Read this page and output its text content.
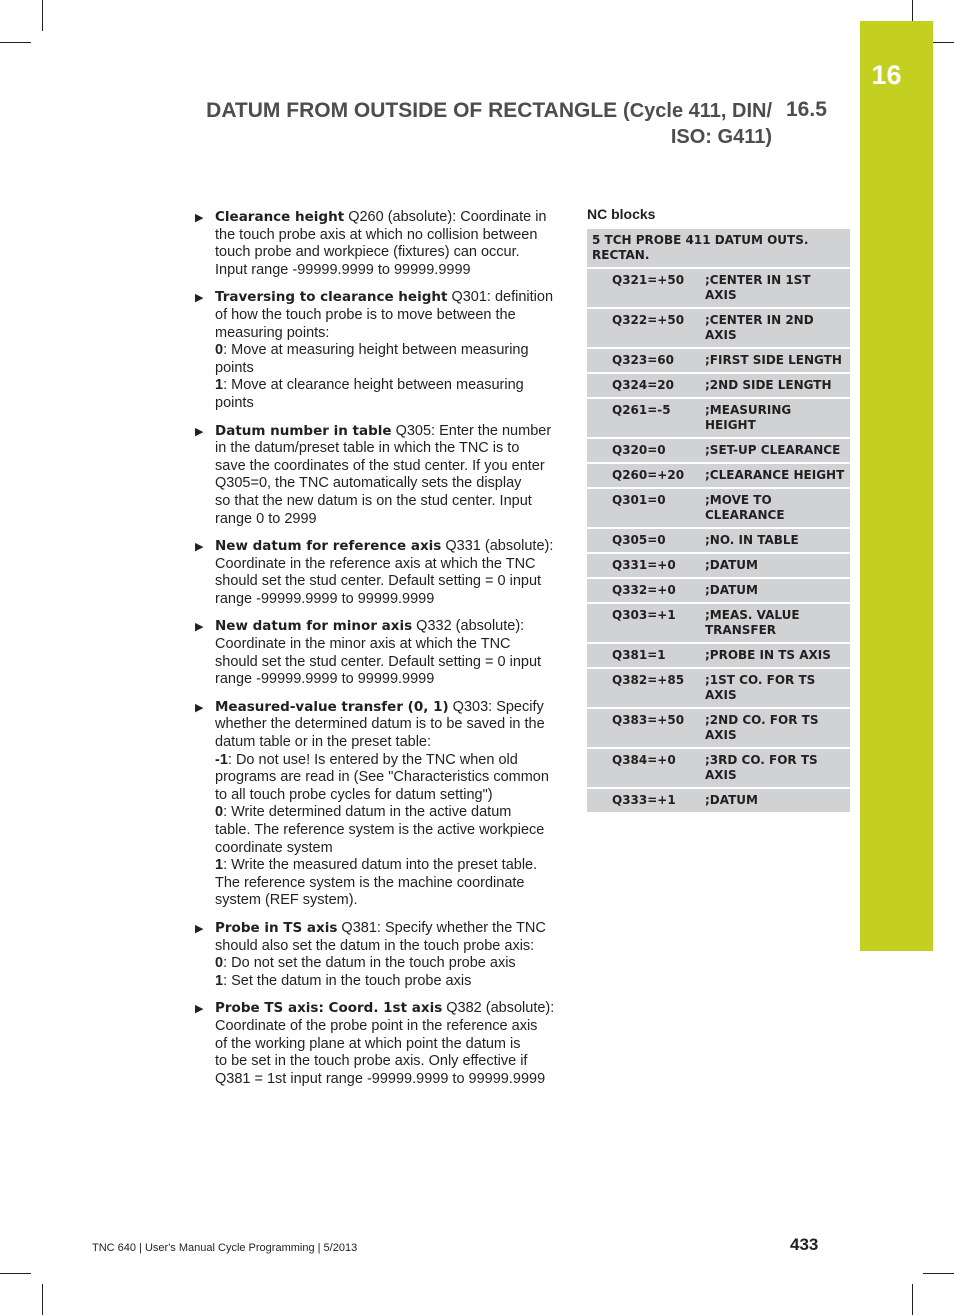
16
DATUM FROM OUTSIDE OF RECTANGLE (Cycle 411, DIN/
ISO: G411)
16.5
▶ Clearance height Q260 (absolute): Coordinate in
the touch probe axis at which no collision between
touch probe and workpiece (fixtures) can occur.
Input range -99999.9999 to 99999.9999
▶ Traversing to clearance height Q301: definition
of how the touch probe is to move between the
measuring points:
0: Move at measuring height between measuring
points
1: Move at clearance height between measuring
points
▶ Datum number in table Q305: Enter the number
in the datum/preset table in which the TNC is to
save the coordinates of the stud center. If you enter
Q305=0, the TNC automatically sets the display
so that the new datum is on the stud center. Input
range 0 to 2999
▶ New datum for reference axis Q331 (absolute):
Coordinate in the reference axis at which the TNC
should set the stud center. Default setting = 0 input
range -99999.9999 to 99999.9999
▶ New datum for minor axis Q332 (absolute):
Coordinate in the minor axis at which the TNC
should set the stud center. Default setting = 0 input
range -99999.9999 to 99999.9999
▶ Measured-value transfer (0, 1) Q303: Specify
whether the determined datum is to be saved in the
datum table or in the preset table:
-1: Do not use! Is entered by the TNC when old
programs are read in (See "Characteristics common
to all touch probe cycles for datum setting")
0: Write determined datum in the active datum
table. The reference system is the active workpiece
coordinate system
1: Write the measured datum into the preset table.
The reference system is the machine coordinate
system (REF system).
▶ Probe in TS axis Q381: Specify whether the TNC
should also set the datum in the touch probe axis:
0: Do not set the datum in the touch probe axis
1: Set the datum in the touch probe axis
▶ Probe TS axis: Coord. 1st axis Q382 (absolute):
Coordinate of the probe point in the reference axis
of the working plane at which point the datum is
to be set in the touch probe axis. Only effective if
Q381 = 1st input range -99999.9999 to 99999.9999
NC blocks
5 TCH PROBE 411 DATUM OUTS.
RECTAN.	
Q321=+50	;CENTER IN 1ST AXIS
Q322=+50	;CENTER IN 2ND AXIS
Q323=60	;FIRST SIDE LENGTH
Q324=20	;2ND SIDE LENGTH
Q261=-5	;MEASURING HEIGHT
Q320=0	;SET-UP CLEARANCE
Q260=+20	;CLEARANCE HEIGHT
Q301=0	;MOVE TO CLEARANCE
Q305=0	;NO. IN TABLE
Q331=+0	;DATUM
Q332=+0	;DATUM
Q303=+1	;MEAS. VALUE
TRANSFER
Q381=1	;PROBE IN TS AXIS
Q382=+85	;1ST CO. FOR TS AXIS
Q383=+50	;2ND CO. FOR TS AXIS
Q384=+0	;3RD CO. FOR TS AXIS
Q333=+1	;DATUM
TNC 640 | User's Manual Cycle Programming | 5/2013	433
